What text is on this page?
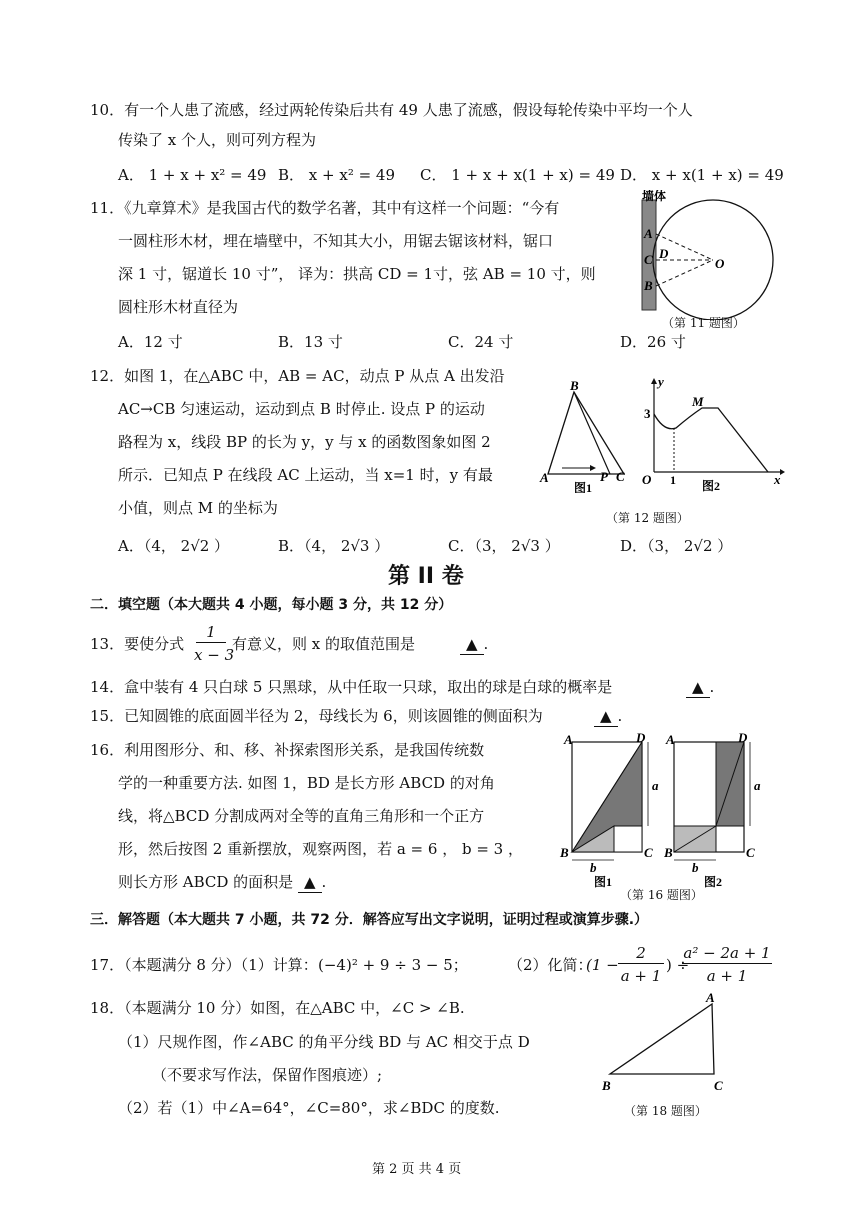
10．有一个人患了流感，经过两轮传染后共有 49 人患了流感，假设每轮传染中平均一个人
传染了 x 个人，则可列方程为
A． 1 + x + x² = 49 B． x + x² = 49 C． 1 + x + x(1 + x) = 49 D． x + x(1 + x) = 49
11．《九章算术》是我国古代的数学名著，其中有这样一个问题：“今有
一圆柱形木材，埋在墙壁中，不知其大小，用锯去锯该材料，锯口
深 1 寸，锯道长 10 寸”， 译为：拱高 CD = 1寸，弦 AB = 10 寸，则
圆柱形木材直径为
A．12 寸	B．13 寸	C．24 寸	D．26 寸
墙体
A
C
B
D
O
（第 11 题图）
12．如图 1，在△ABC 中，AB = AC，动点 P 从点 A 出发沿
AC→CB 匀速运动，运动到点 B 时停止. 设点 P 的运动
路程为 x，线段 BP 的长为 y，y 与 x 的函数图象如图 2
所示．已知点 P 在线段 AC 上运动，当 x=1 时，y 有最
小值，则点 M 的坐标为
A．（4， 2√2 ）	B．（4， 2√3 ）	C．（3， 2√3 ）	D．（3， 2√2 ）
B
A	P C
图1
y
x
O
3
1
M
图2
（第 12 题图）
第 II 卷
二．填空题（本大题共 4 小题，每小题 3 分，共 12 分）
13．要使分式
1
x − 3
有意义，则 x 的取值范围是	▲ .
14．盒中装有 4 只白球 5 只黑球，从中任取一只球，取出的球是白球的概率是	▲ .
15．已知圆锥的底面圆半径为 2，母线长为 6，则该圆锥的侧面积为	▲ .
16．利用图形分、和、移、补探索图形关系，是我国传统数
学的一种重要方法. 如图 1，BD 是长方形 ABCD 的对角
线，将△BCD 分割成两对全等的直角三角形和一个正方
形，然后按图 2 重新摆放，观察两图，若 a = 6 ， b = 3 ，
则长方形 ABCD 的面积是 ▲ .
A	D
B	C
a
b
图1
A	D
B	C
a
b
图2
（第 16 题图）
三．解答题（本大题共 7 小题，共 72 分．解答应写出文字说明，证明过程或演算步骤.）
17．（本题满分 8 分）（1）计算： (−4)² + 9 ÷ 3 − 5；	（2）化简：
(1 −
2
a + 1
) ÷
a² − 2a + 1
a + 1
18．（本题满分 10 分）如图，在△ABC 中，∠C > ∠B.
（1）尺规作图，作∠ABC 的角平分线 BD 与 AC 相交于点 D
（不要求写作法，保留作图痕迹）;
（2）若（1）中∠A=64°，∠C=80°，求∠BDC 的度数.
A
B	C
（第 18 题图）
第 2 页 共 4 页
